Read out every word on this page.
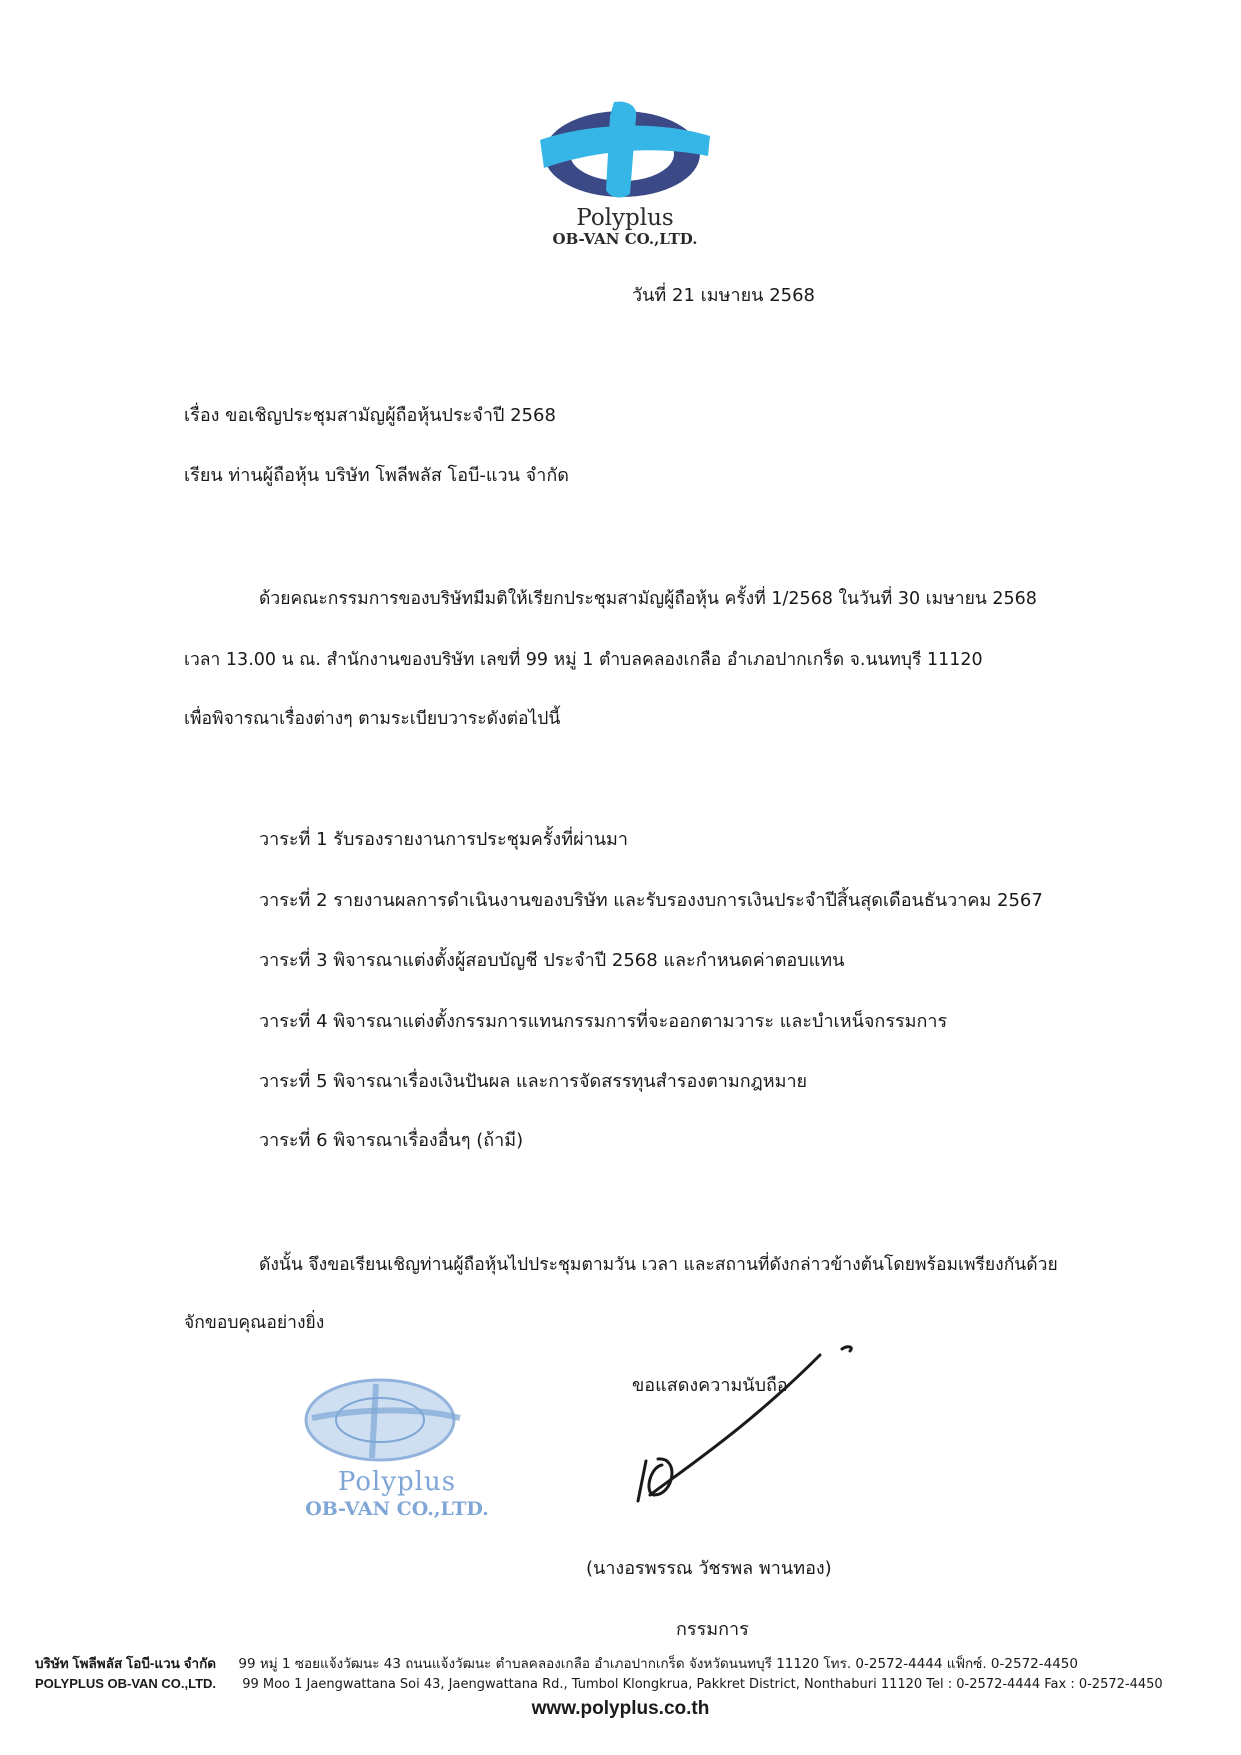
Polyplus
OB-VAN CO.,LTD.
วันที่ 21 เมษายน 2568
เรื่อง ขอเชิญประชุมสามัญผู้ถือหุ้นประจำปี 2568
เรียน ท่านผู้ถือหุ้น บริษัท โพลีพลัส โอบี-แวน จำกัด
ด้วยคณะกรรมการของบริษัทมีมติให้เรียกประชุมสามัญผู้ถือหุ้น ครั้งที่ 1/2568 ในวันที่ 30 เมษายน 2568
เวลา 13.00 น ณ. สำนักงานของบริษัท เลขที่ 99 หมู่ 1 ตำบลคลองเกลือ อำเภอปากเกร็ด จ.นนทบุรี 11120
เพื่อพิจารณาเรื่องต่างๆ ตามระเบียบวาระดังต่อไปนี้
วาระที่ 1 รับรองรายงานการประชุมครั้งที่ผ่านมา
วาระที่ 2 รายงานผลการดำเนินงานของบริษัท และรับรองงบการเงินประจำปีสิ้นสุดเดือนธันวาคม 2567
วาระที่ 3 พิจารณาแต่งตั้งผู้สอบบัญชี ประจำปี 2568 และกำหนดค่าตอบแทน
วาระที่ 4 พิจารณาแต่งตั้งกรรมการแทนกรรมการที่จะออกตามวาระ และบำเหน็จกรรมการ
วาระที่ 5 พิจารณาเรื่องเงินปันผล และการจัดสรรทุนสำรองตามกฎหมาย
วาระที่ 6 พิจารณาเรื่องอื่นๆ (ถ้ามี)
ดังนั้น จึงขอเรียนเชิญท่านผู้ถือหุ้นไปประชุมตามวัน เวลา และสถานที่ดังกล่าวข้างต้นโดยพร้อมเพรียงกันด้วย
จักขอบคุณอย่างยิ่ง
ขอแสดงความนับถือ
Polyplus
OB-VAN CO.,LTD.
(นางอรพรรณ วัชรพล พานทอง)
กรรมการ
บริษัท โพลีพลัส โอบี-แวน จำกัด 99 หมู่ 1 ซอยแจ้งวัฒนะ 43 ถนนแจ้งวัฒนะ ตำบลคลองเกลือ อำเภอปากเกร็ด จังหวัดนนทบุรี 11120 โทร. 0-2572-4444 แฟ็กซ์. 0-2572-4450
POLYPLUS OB-VAN CO.,LTD. 99 Moo 1 Jaengwattana Soi 43, Jaengwattana Rd., Tumbol Klongkrua, Pakkret District, Nonthaburi 11120 Tel : 0-2572-4444 Fax : 0-2572-4450
www.polyplus.co.th
